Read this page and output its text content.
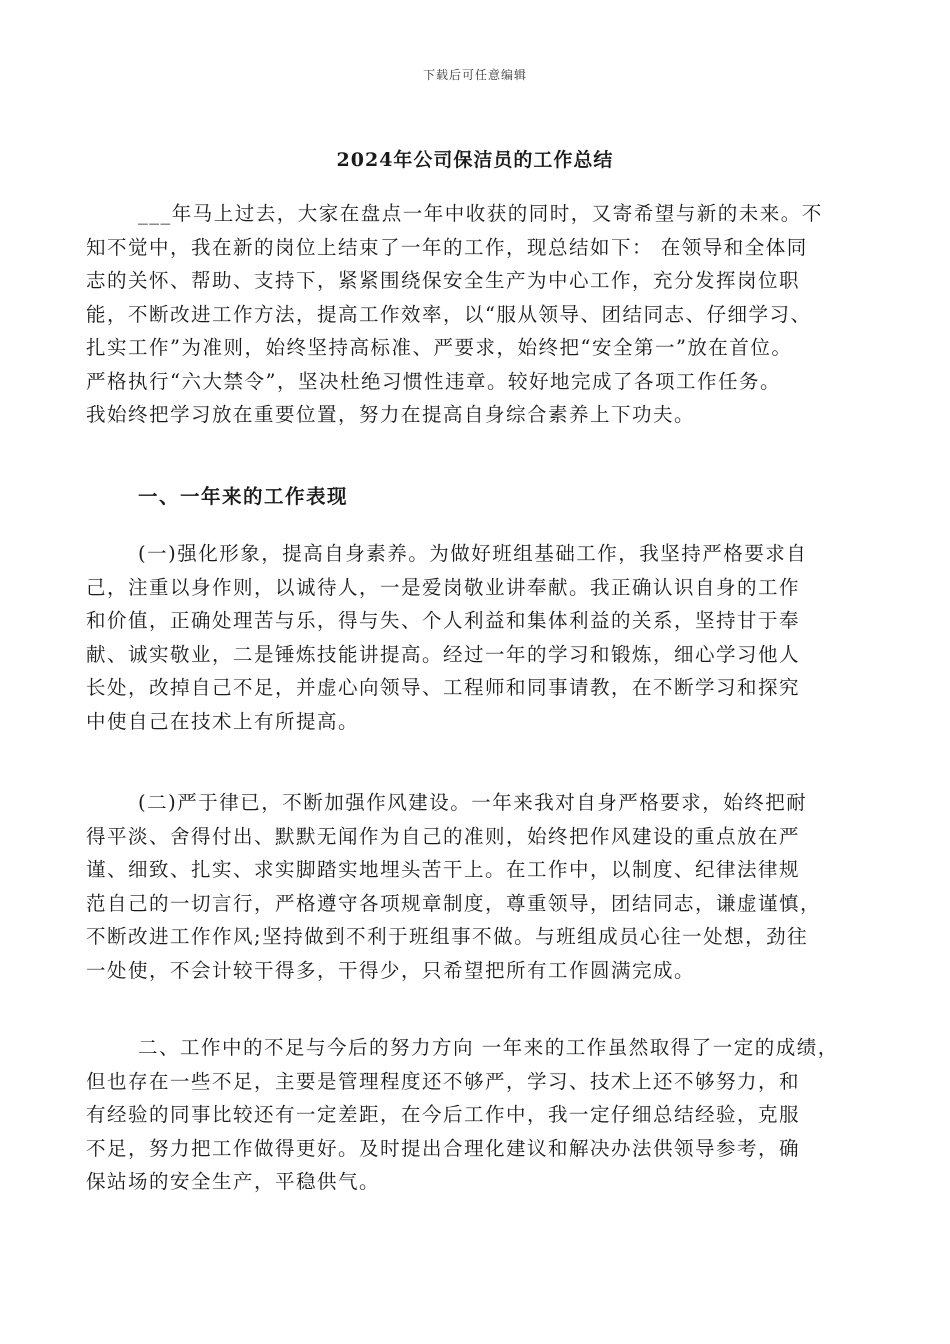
下载后可任意编辑
2024年公司保洁员的工作总结
___年马上过去，大家在盘点一年中收获的同时，又寄希望与新的未来。不
知不觉中，我在新的岗位上结束了一年的工作，现总结如下： 在领导和全体同
志的关怀、帮助、支持下，紧紧围绕保安全生产为中心工作，充分发挥岗位职
能，不断改进工作方法，提高工作效率，以“服从领导、团结同志、仔细学习、
扎实工作”为准则，始终坚持高标准、严要求，始终把“安全第一”放在首位。
严格执行“六大禁令”，坚决杜绝习惯性违章。较好地完成了各项工作任务。
我始终把学习放在重要位置，努力在提高自身综合素养上下功夫。
一、一年来的工作表现
(一)强化形象，提高自身素养。为做好班组基础工作，我坚持严格要求自
己，注重以身作则，以诚待人，一是爱岗敬业讲奉献。我正确认识自身的工作
和价值，正确处理苦与乐，得与失、个人利益和集体利益的关系，坚持甘于奉
献、诚实敬业，二是锤炼技能讲提高。经过一年的学习和锻炼，细心学习他人
长处，改掉自己不足，并虚心向领导、工程师和同事请教，在不断学习和探究
中使自己在技术上有所提高。
(二)严于律已，不断加强作风建设。一年来我对自身严格要求，始终把耐
得平淡、舍得付出、默默无闻作为自己的准则，始终把作风建设的重点放在严
谨、细致、扎实、求实脚踏实地埋头苦干上。在工作中，以制度、纪律法律规
范自己的一切言行，严格遵守各项规章制度，尊重领导，团结同志，谦虚谨慎，
不断改进工作作风;坚持做到不利于班组事不做。与班组成员心往一处想，劲往
一处使，不会计较干得多，干得少，只希望把所有工作圆满完成。
二、工作中的不足与今后的努力方向 一年来的工作虽然取得了一定的成绩，
但也存在一些不足，主要是管理程度还不够严，学习、技术上还不够努力，和
有经验的同事比较还有一定差距，在今后工作中，我一定仔细总结经验，克服
不足，努力把工作做得更好。及时提出合理化建议和解决办法供领导参考，确
保站场的安全生产，平稳供气。
